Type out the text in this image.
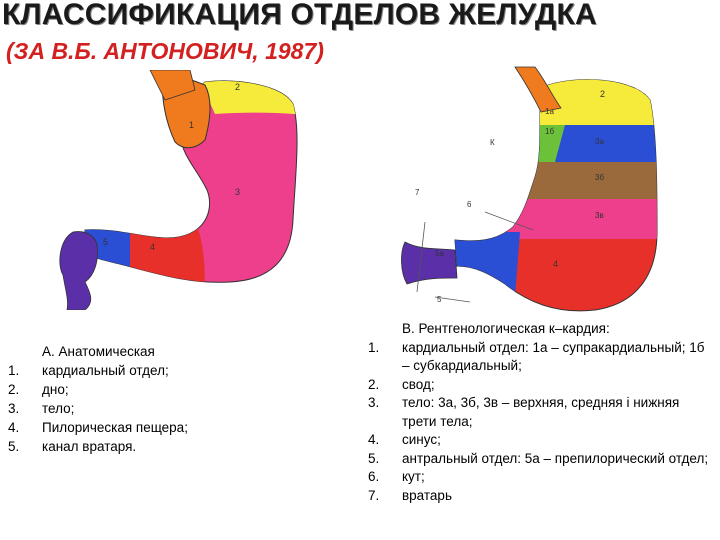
КЛАССИФИКАЦИЯ ОТДЕЛОВ ЖЕЛУДКА
(ЗА В.Б. АНТОНОВИЧ, 1987)
2
1
3
4
5
2
1а
1б
К	3а
3б
3в
4
5а
6
7
5
А. Анатомическая
1.	кардиальный отдел;
2.	дно;
3.	тело;
4.	Пилорическая пещера;
5.	канал вратаря.
В. Рентгенологическая к–кардия:
1.	кардиальный отдел: 1а – супракардиальный; 1б – субкардиальный;
2.	свод;
3.	тело: 3а, 3б, 3в – верхняя, средняя і нижняя трети тела;
4.	синус;
5.	антральный отдел: 5а – препилорический отдел;
6.	кут;
7.	вратарь
